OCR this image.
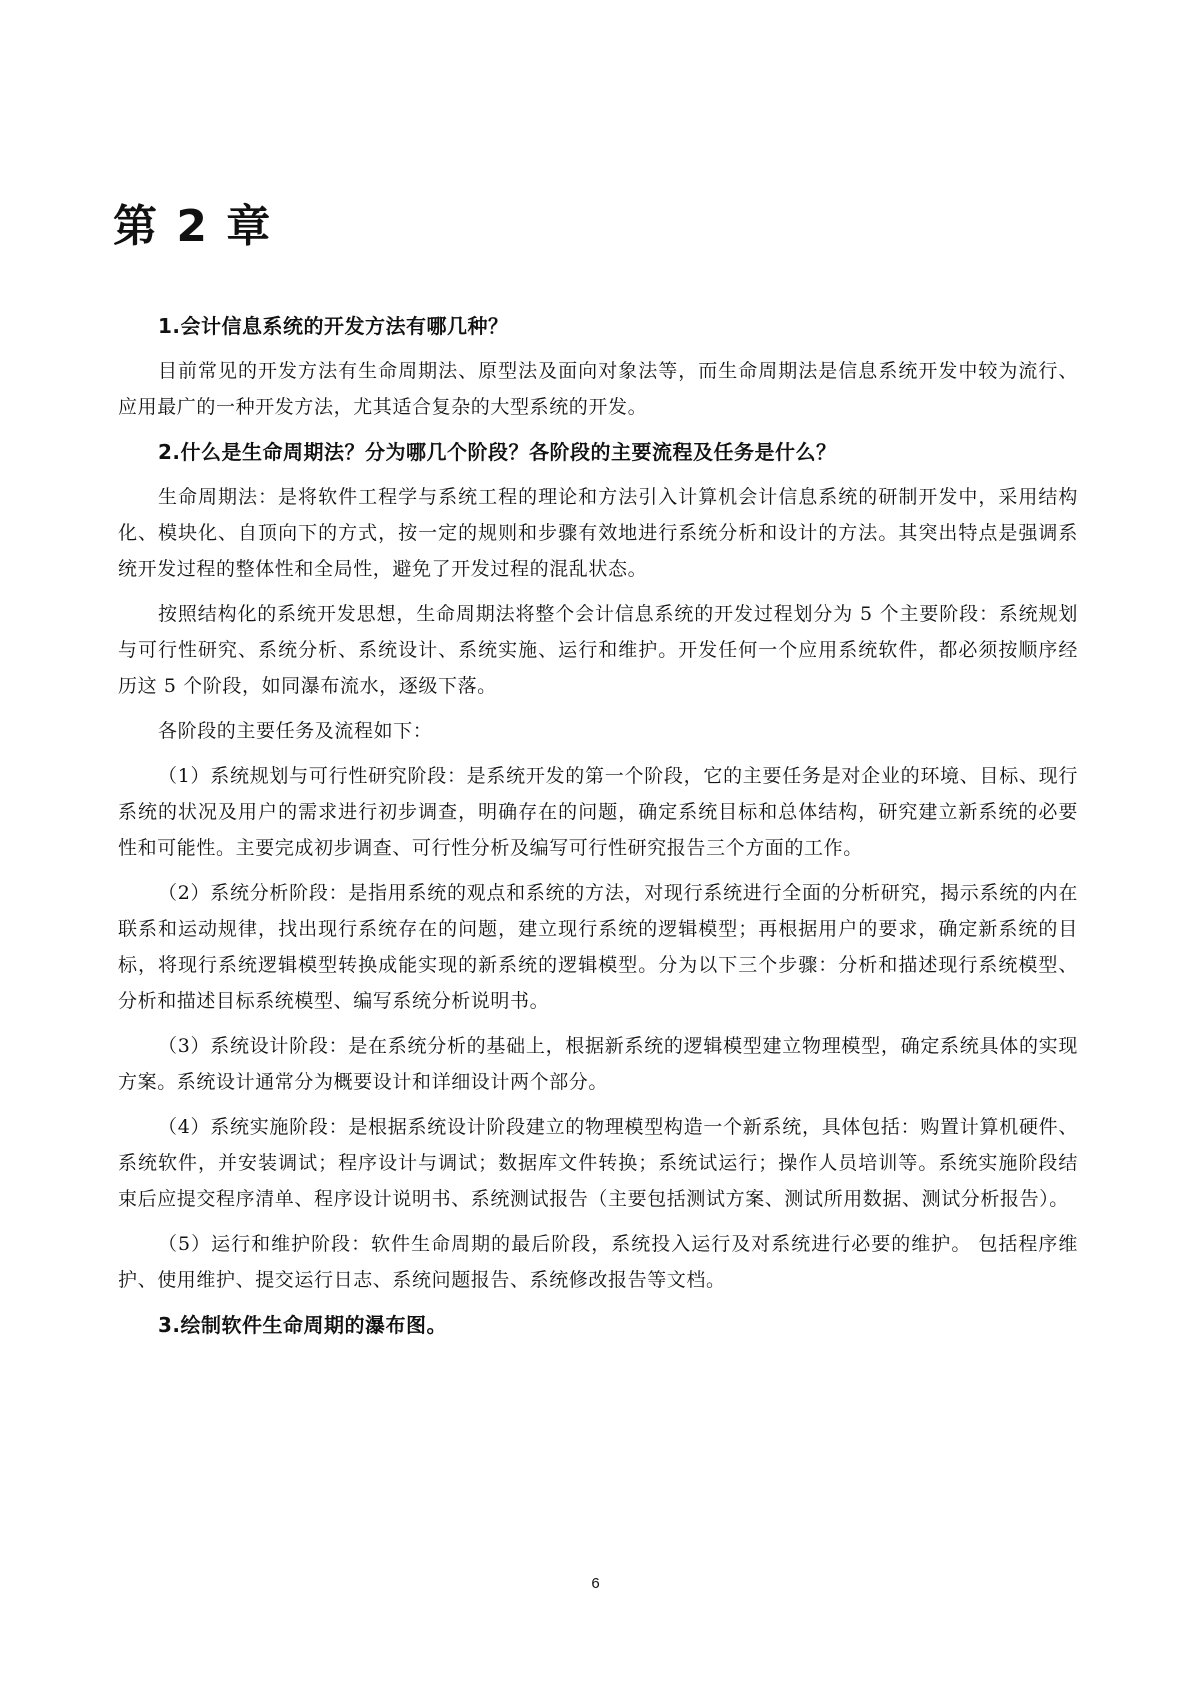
第 2 章
1.会计信息系统的开发方法有哪几种？

目前常见的开发方法有生命周期法、原型法及面向对象法等，而生命周期法是信息系统开发中较为流行、应用最广的一种开发方法，尤其适合复杂的大型系统的开发。

2.什么是生命周期法？分为哪几个阶段？各阶段的主要流程及任务是什么？

生命周期法：是将软件工程学与系统工程的理论和方法引入计算机会计信息系统的研制开发中，采用结构化、模块化、自顶向下的方式，按一定的规则和步骤有效地进行系统分析和设计的方法。其突出特点是强调系统开发过程的整体性和全局性，避免了开发过程的混乱状态。

按照结构化的系统开发思想，生命周期法将整个会计信息系统的开发过程划分为 5 个主要阶段：系统规划与可行性研究、系统分析、系统设计、系统实施、运行和维护。开发任何一个应用系统软件，都必须按顺序经历这 5 个阶段，如同瀑布流水，逐级下落。

各阶段的主要任务及流程如下：

（1）系统规划与可行性研究阶段：是系统开发的第一个阶段，它的主要任务是对企业的环境、目标、现行系统的状况及用户的需求进行初步调查，明确存在的问题，确定系统目标和总体结构，研究建立新系统的必要性和可能性。主要完成初步调查、可行性分析及编写可行性研究报告三个方面的工作。

（2）系统分析阶段：是指用系统的观点和系统的方法，对现行系统进行全面的分析研究，揭示系统的内在联系和运动规律，找出现行系统存在的问题，建立现行系统的逻辑模型；再根据用户的要求，确定新系统的目标，将现行系统逻辑模型转换成能实现的新系统的逻辑模型。分为以下三个步骤：分析和描述现行系统模型、分析和描述目标系统模型、编写系统分析说明书。

（3）系统设计阶段：是在系统分析的基础上，根据新系统的逻辑模型建立物理模型，确定系统具体的实现方案。系统设计通常分为概要设计和详细设计两个部分。

（4）系统实施阶段：是根据系统设计阶段建立的物理模型构造一个新系统，具体包括：购置计算机硬件、系统软件，并安装调试；程序设计与调试；数据库文件转换；系统试运行；操作人员培训等。系统实施阶段结束后应提交程序清单、程序设计说明书、系统测试报告（主要包括测试方案、测试所用数据、测试分析报告）。

（5）运行和维护阶段：软件生命周期的最后阶段，系统投入运行及对系统进行必要的维护。 包括程序维护、使用维护、提交运行日志、系统问题报告、系统修改报告等文档。

3.绘制软件生命周期的瀑布图。
6
